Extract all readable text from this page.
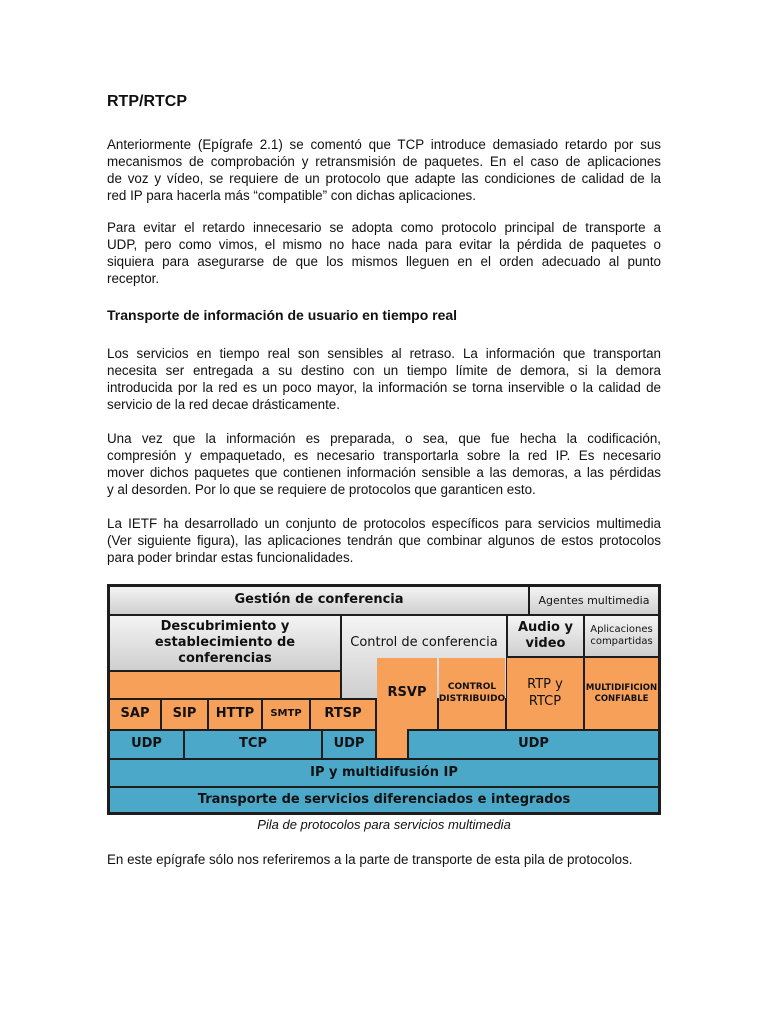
RTP/RTCP
Anteriormente (Epígrafe 2.1) se comentó que TCP introduce demasiado retardo por sus
mecanismos de comprobación y retransmisión de paquetes. En el caso de aplicaciones
de voz y vídeo, se requiere de un protocolo que adapte las condiciones de calidad de la
red IP para hacerla más “compatible” con dichas aplicaciones.
Para evitar el retardo innecesario se adopta como protocolo principal de transporte a
UDP, pero como vimos, el mismo no hace nada para evitar la pérdida de paquetes o
siquiera para asegurarse de que los mismos lleguen en el orden adecuado al punto
receptor.
Transporte de información de usuario en tiempo real
Los servicios en tiempo real son sensibles al retraso. La información que transportan
necesita ser entregada a su destino con un tiempo límite de demora, si la demora
introducida por la red es un poco mayor, la información se torna inservible o la calidad de
servicio de la red decae drásticamente.
Una vez que la información es preparada, o sea, que fue hecha la codificación,
compresión y empaquetado, es necesario transportarla sobre la red IP. Es necesario
mover dichos paquetes que contienen información sensible a las demoras, a las pérdidas
y al desorden. Por lo que se requiere de protocolos que garanticen esto.
La IETF ha desarrollado un conjunto de protocolos específicos para servicios multimedia
(Ver siguiente figura), las aplicaciones tendrán que combinar algunos de estos protocolos
para poder brindar estas funcionalidades.
En este epígrafe sólo nos referiremos a la parte de transporte de esta pila de protocolos.
Gestión de conferencia	Agentes multimedia
Descubrimiento y establecimiento de conferencias
Control de conferencia
Audio y video
Aplicaciones compartidas
SAP	SIP	HTTP	SMTP	RTSP
RSVP	CONTROL DISTRIBUIDO
RTP y RTCP
MULTIDIFICION CONFIABLE
UDP	TCP	UDP	UDP
IP y multidifusión IP
Transporte de servicios diferenciados e integrados
Pila de protocolos para servicios multimedia
